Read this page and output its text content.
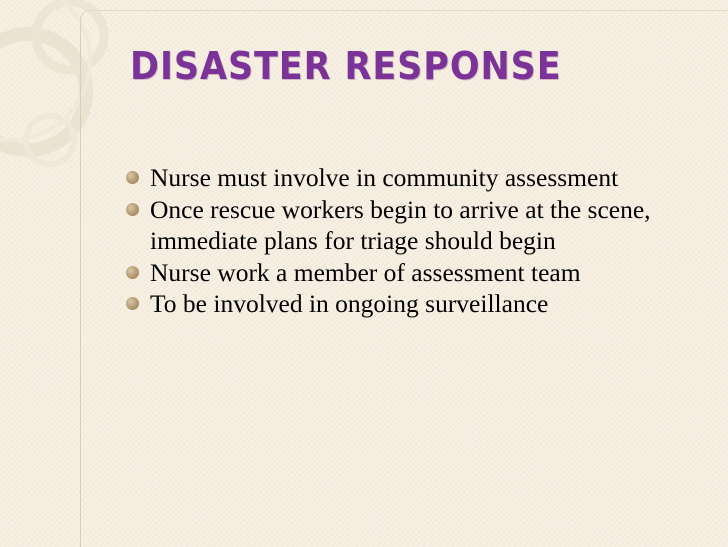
DISASTER RESPONSE
Nurse must involve in community assessment
Once rescue workers begin to arrive at the scene, immediate plans for triage should begin
Nurse work a member of assessment team
To be involved in ongoing surveillance
